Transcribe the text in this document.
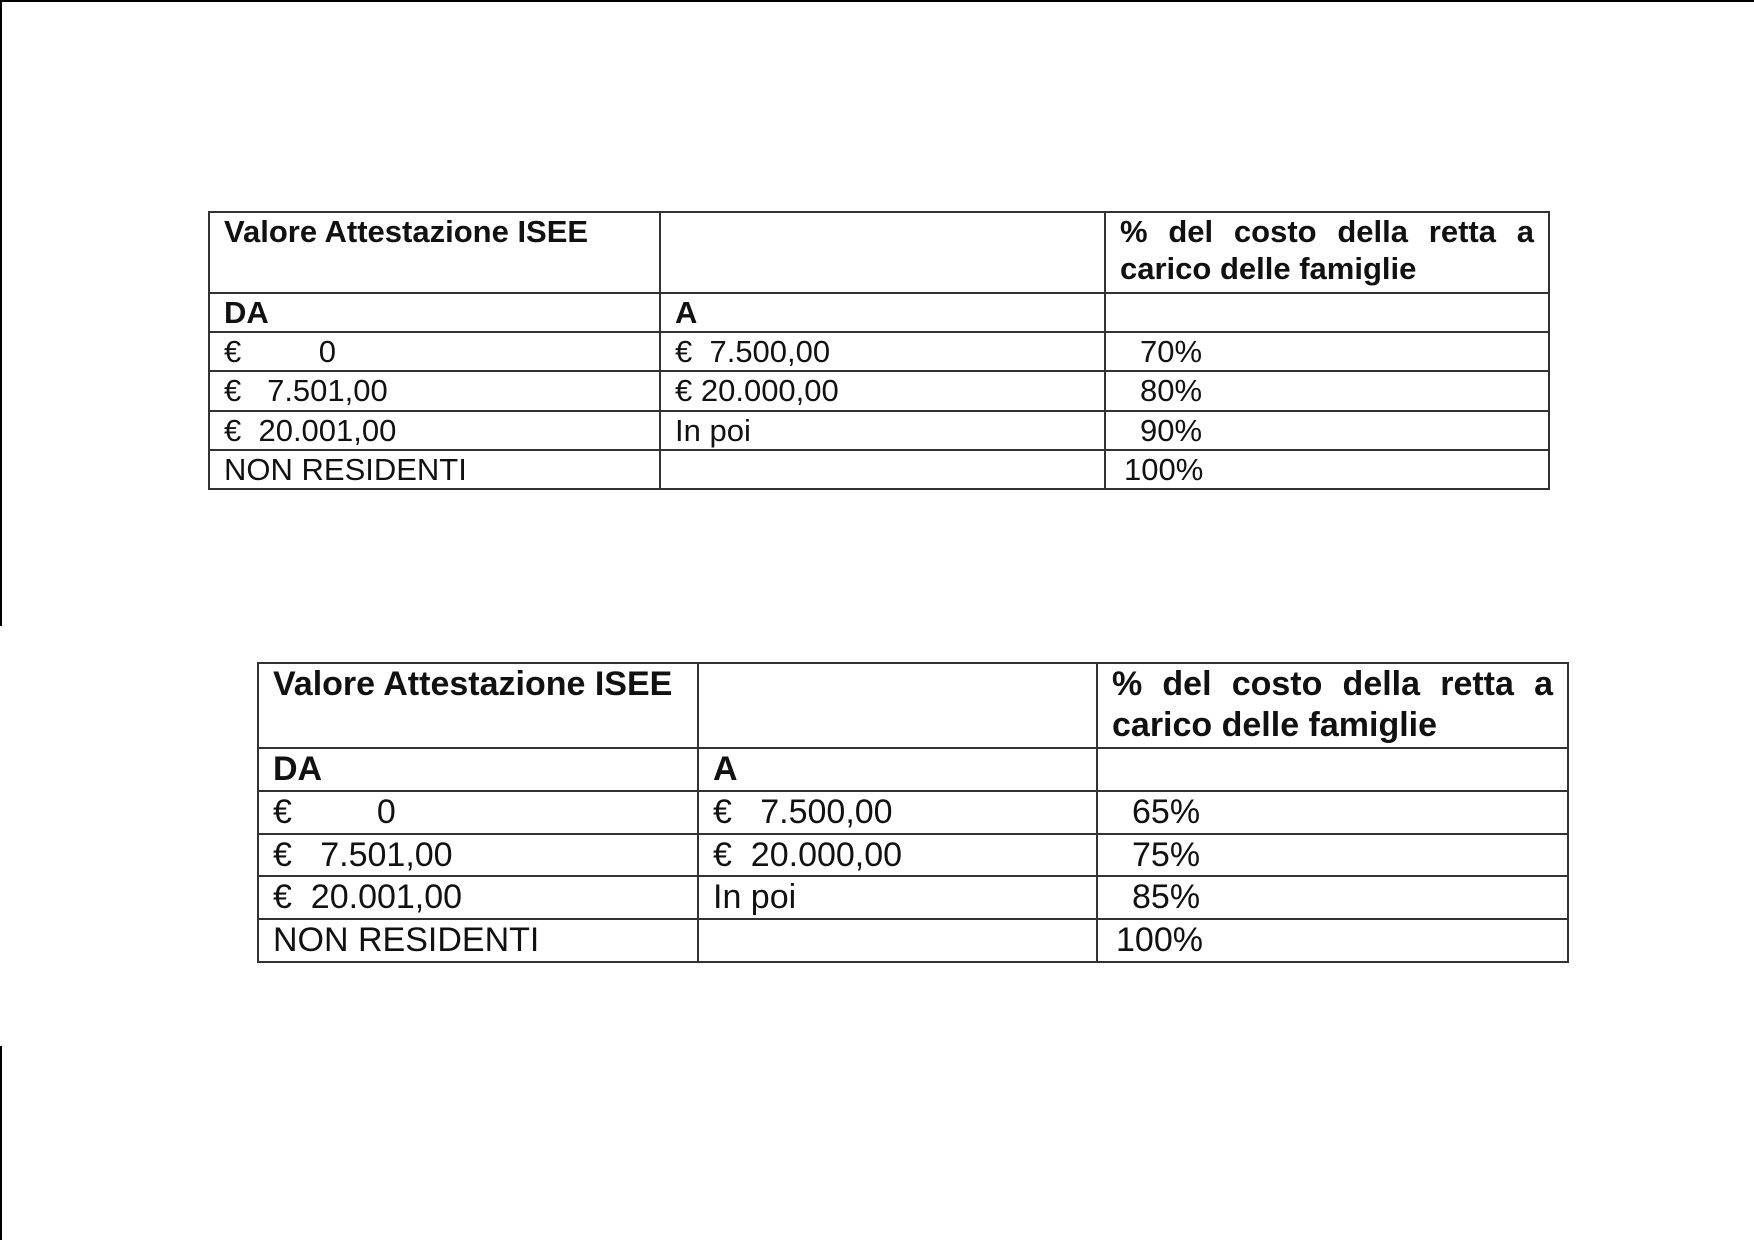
Valore Attestazione ISEE		% del costo della retta a carico delle famiglie
DA	A	
€         0	€  7.500,00	70%
€   7.501,00	€ 20.000,00	80%
€  20.001,00	In poi	90%
NON RESIDENTI		100%
Valore Attestazione ISEE		% del costo della retta a carico delle famiglie
DA	A	
€         0	€   7.500,00	65%
€   7.501,00	€  20.000,00	75%
€  20.001,00	In poi	85%
NON RESIDENTI		100%
